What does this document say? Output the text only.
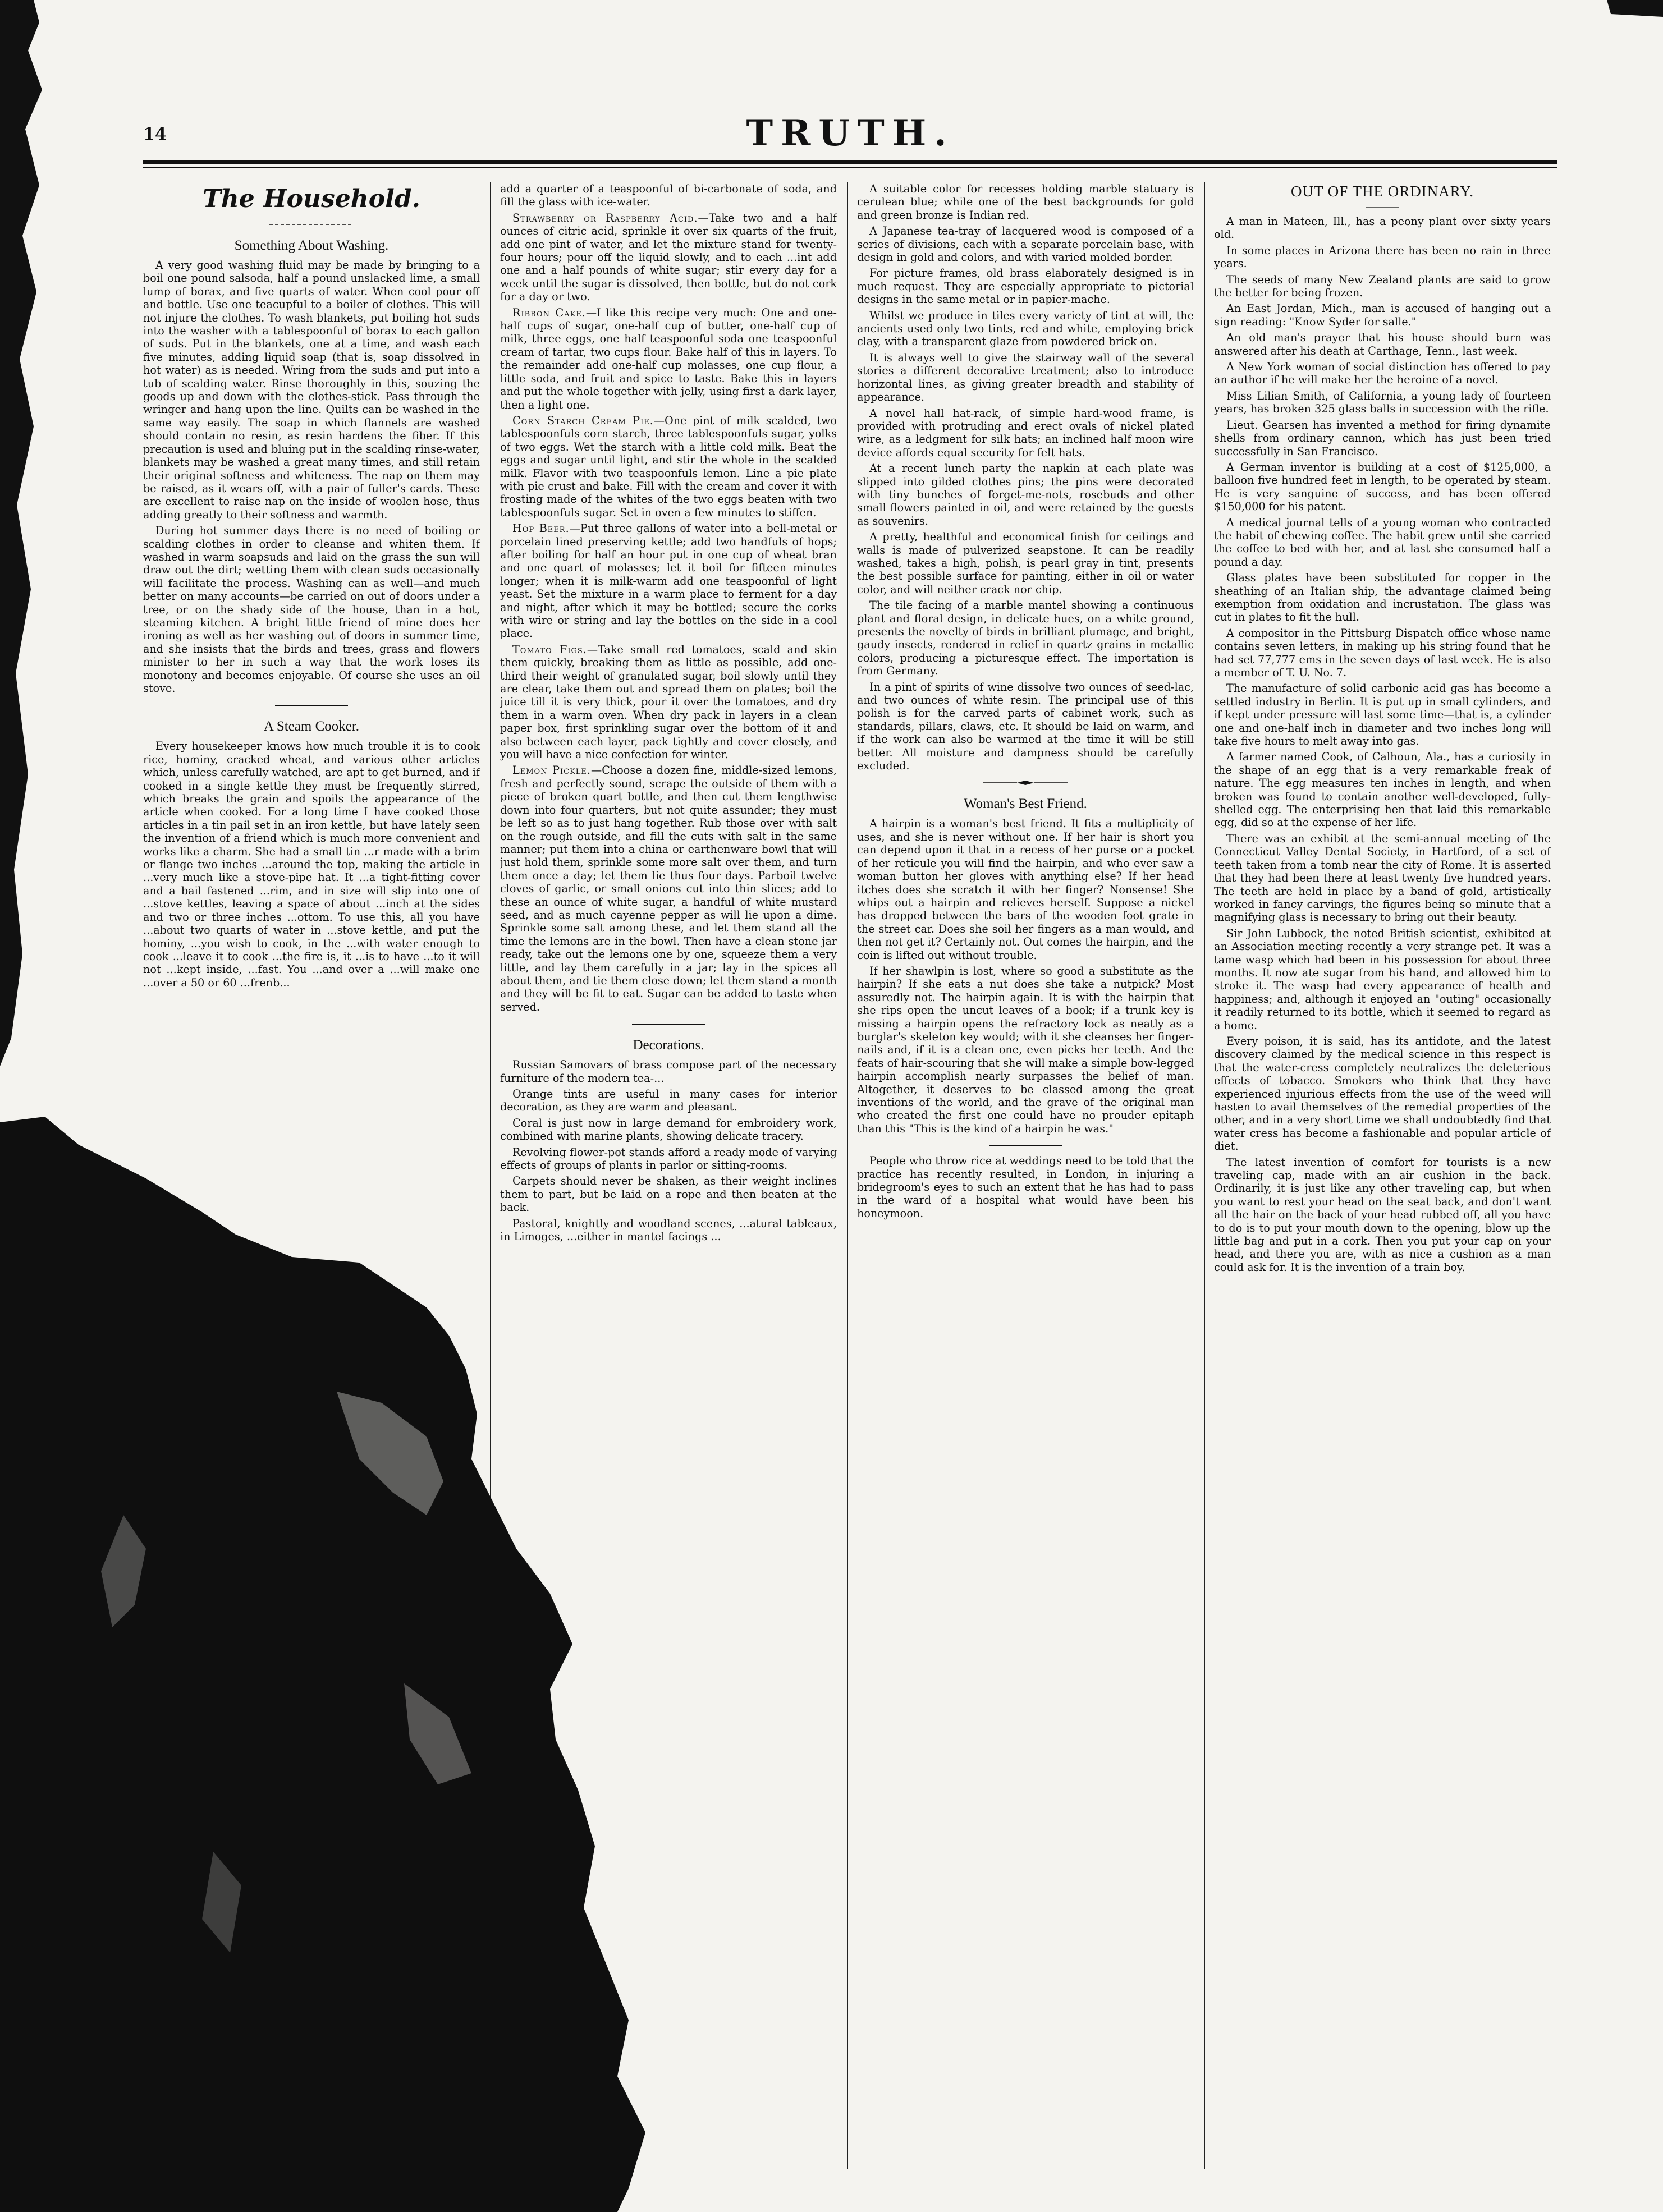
14	TRUTH.
The Household.
Something About Washing.

A very good washing fluid may be made by bringing to a boil one pound salsoda, half a pound unslacked lime, a small lump of borax, and five quarts of water. When cool pour off and bottle. Use one teacupful to a boiler of clothes. This will not injure the clothes. To wash blankets, put boiling hot suds into the washer with a tablespoonful of borax to each gallon of suds. Put in the blankets, one at a time, and wash each five minutes, adding liquid soap (that is, soap dissolved in hot water) as is needed. Wring from the suds and put into a tub of scalding water. Rinse thoroughly in this, souzing the goods up and down with the clothes-stick. Pass through the wringer and hang upon the line. Quilts can be washed in the same way easily. The soap in which flannels are washed should contain no resin, as resin hardens the fiber. If this precaution is used and bluing put in the scalding rinse-water, blankets may be washed a great many times, and still retain their original softness and whiteness. The nap on them may be raised, as it wears off, with a pair of fuller's cards. These are excellent to raise nap on the inside of woolen hose, thus adding greatly to their softness and warmth.

During hot summer days there is no need of boiling or scalding clothes in order to cleanse and whiten them. If washed in warm soapsuds and laid on the grass the sun will draw out the dirt; wetting them with clean suds occasionally will facilitate the process. Washing can as well—and much better on many accounts—be carried on out of doors under a tree, or on the shady side of the house, than in a hot, steaming kitchen. A bright little friend of mine does her ironing as well as her washing out of doors in summer time, and she insists that the birds and trees, grass and flowers minister to her in such a way that the work loses its monotony and becomes enjoyable. Of course she uses an oil stove.

A Steam Cooker.

Every housekeeper knows how much trouble it is to cook rice, hominy, cracked wheat, and various other articles which, unless carefully watched, are apt to get burned, and if cooked in a single kettle they must be frequently stirred, which breaks the grain and spoils the appearance of the article when cooked. For a long time I have cooked those articles in a tin pail set in an iron kettle, but have lately seen the invention of a friend which is much more convenient and works like a charm. She had a small tin ...r made with a brim or flange two inches ...around the top, making the article in ...very much like a stove-pipe hat. It ...a tight-fitting cover and a bail fastened ...rim, and in size will slip into one of ...stove kettles, leaving a space of about ...inch at the sides and two or three inches ...ottom. To use this, all you have ...about two quarts of water in ...stove kettle, and put the hominy, ...you wish to cook, in the ...with water enough to cook ...leave it to cook ...the fire is, it ...is to have ...to it will not ...kept inside, ...fast. You ...and over a ...will make one ...over a 50 or 60 ...frenb...

add a quarter of a teaspoonful of bi-carbonate of soda, and fill the glass with ice-water.

Strawberry or Raspberry Acid.—Take two and a half ounces of citric acid, sprinkle it over six quarts of the fruit, add one pint of water, and let the mixture stand for twenty-four hours; pour off the liquid slowly, and to each ...int add one and a half pounds of white sugar; stir every day for a week until the sugar is dissolved, then bottle, but do not cork for a day or two.

Ribbon Cake.—I like this recipe very much: One and one-half cups of sugar, one-half cup of butter, one-half cup of milk, three eggs, one half teaspoonful soda one teaspoonful cream of tartar, two cups flour. Bake half of this in layers. To the remainder add one-half cup molasses, one cup flour, a little soda, and fruit and spice to taste. Bake this in layers and put the whole together with jelly, using first a dark layer, then a light one.

Corn Starch Cream Pie.—One pint of milk scalded, two tablespoonfuls corn starch, three tablespoonfuls sugar, yolks of two eggs. Wet the starch with a little cold milk. Beat the eggs and sugar until light, and stir the whole in the scalded milk. Flavor with two teaspoonfuls lemon. Line a pie plate with pie crust and bake. Fill with the cream and cover it with frosting made of the whites of the two eggs beaten with two tablespoonfuls sugar. Set in oven a few minutes to stiffen.

Hop Beer.—Put three gallons of water into a bell-metal or porcelain lined preserving kettle; add two handfuls of hops; after boiling for half an hour put in one cup of wheat bran and one quart of molasses; let it boil for fifteen minutes longer; when it is milk-warm add one teaspoonful of light yeast. Set the mixture in a warm place to ferment for a day and night, after which it may be bottled; secure the corks with wire or string and lay the bottles on the side in a cool place.

Tomato Figs.—Take small red tomatoes, scald and skin them quickly, breaking them as little as possible, add one-third their weight of granulated sugar, boil slowly until they are clear, take them out and spread them on plates; boil the juice till it is very thick, pour it over the tomatoes, and dry them in a warm oven. When dry pack in layers in a clean paper box, first sprinkling sugar over the bottom of it and also between each layer, pack tightly and cover closely, and you will have a nice confection for winter.

Lemon Pickle.—Choose a dozen fine, middle-sized lemons, fresh and perfectly sound, scrape the outside of them with a piece of broken quart bottle, and then cut them lengthwise down into four quarters, but not quite assunder; they must be left so as to just hang together. Rub those over with salt on the rough outside, and fill the cuts with salt in the same manner; put them into a china or earthenware bowl that will just hold them, sprinkle some more salt over them, and turn them once a day; let them lie thus four days. Parboil twelve cloves of garlic, or small onions cut into thin slices; add to these an ounce of white sugar, a handful of white mustard seed, and as much cayenne pepper as will lie upon a dime. Sprinkle some salt among these, and let them stand all the time the lemons are in the bowl. Then have a clean stone jar ready, take out the lemons one by one, squeeze them a very little, and lay them carefully in a jar; lay in the spices all about them, and tie them close down; let them stand a month and they will be fit to eat. Sugar can be added to taste when served.

Decorations.

Russian Samovars of brass compose part of the necessary furniture of the modern tea-...

Orange tints are useful in many cases for interior decoration, as they are warm and pleasant.

Coral is just now in large demand for embroidery work, combined with marine plants, showing delicate tracery.

Revolving flower-pot stands afford a ready mode of varying effects of groups of plants in parlor or sitting-rooms.

Carpets should never be shaken, as their weight inclines them to part, but be laid on a rope and then beaten at the back.

Pastoral, knightly and woodland scenes, ...atural tableaux, in Limoges, ...either in mantel facings ...

A suitable color for recesses holding marble statuary is cerulean blue; while one of the best backgrounds for gold and green bronze is Indian red.

A Japanese tea-tray of lacquered wood is composed of a series of divisions, each with a separate porcelain base, with design in gold and colors, and with varied molded border.

For picture frames, old brass elaborately designed is in much request. They are especially appropriate to pictorial designs in the same metal or in papier-mache.

Whilst we produce in tiles every variety of tint at will, the ancients used only two tints, red and white, employing brick clay, with a transparent glaze from powdered brick on.

It is always well to give the stairway wall of the several stories a different decorative treatment; also to introduce horizontal lines, as giving greater breadth and stability of appearance.

A novel hall hat-rack, of simple hard-wood frame, is provided with protruding and erect ovals of nickel plated wire, as a ledgment for silk hats; an inclined half moon wire device affords equal security for felt hats.

At a recent lunch party the napkin at each plate was slipped into gilded clothes pins; the pins were decorated with tiny bunches of forget-me-nots, rosebuds and other small flowers painted in oil, and were retained by the guests as souvenirs.

A pretty, healthful and economical finish for ceilings and walls is made of pulverized seapstone. It can be readily washed, takes a high, polish, is pearl gray in tint, presents the best possible surface for painting, either in oil or water color, and will neither crack nor chip.

The tile facing of a marble mantel showing a continuous plant and floral design, in delicate hues, on a white ground, presents the novelty of birds in brilliant plumage, and bright, gaudy insects, rendered in relief in quartz grains in metallic colors, producing a picturesque effect. The importation is from Germany.

In a pint of spirits of wine dissolve two ounces of seed-lac, and two ounces of white resin. The principal use of this polish is for the carved parts of cabinet work, such as standards, pillars, claws, etc. It should be laid on warm, and if the work can also be warmed at the time it will be still better. All moisture and dampness should be carefully excluded.

Woman's Best Friend.

A hairpin is a woman's best friend. It fits a multiplicity of uses, and she is never without one. If her hair is short you can depend upon it that in a recess of her purse or a pocket of her reticule you will find the hairpin, and who ever saw a woman button her gloves with anything else? If her head itches does she scratch it with her finger? Nonsense! She whips out a hairpin and relieves herself. Suppose a nickel has dropped between the bars of the wooden foot grate in the street car. Does she soil her fingers as a man would, and then not get it? Certainly not. Out comes the hairpin, and the coin is lifted out without trouble.

If her shawlpin is lost, where so good a substitute as the hairpin? If she eats a nut does she take a nutpick? Most assuredly not. The hairpin again. It is with the hairpin that she rips open the uncut leaves of a book; if a trunk key is missing a hairpin opens the refractory lock as neatly as a burglar's skeleton key would; with it she cleanses her finger-nails and, if it is a clean one, even picks her teeth. And the feats of hair-scouring that she will make a simple bow-legged hairpin accomplish nearly surpasses the belief of man. Altogether, it deserves to be classed among the great inventions of the world, and the grave of the original man who created the first one could have no prouder epitaph than this "This is the kind of a hairpin he was."

People who throw rice at weddings need to be told that the practice has recently resulted, in London, in injuring a bridegroom's eyes to such an extent that he has had to pass in the ward of a hospital what would have been his honeymoon.

OUT OF THE ORDINARY.

A man in Mateen, Ill., has a peony plant over sixty years old.

In some places in Arizona there has been no rain in three years.

The seeds of many New Zealand plants are said to grow the better for being frozen.

An East Jordan, Mich., man is accused of hanging out a sign reading: "Know Syder for salle."

An old man's prayer that his house should burn was answered after his death at Carthage, Tenn., last week.

A New York woman of social distinction has offered to pay an author if he will make her the heroine of a novel.

Miss Lilian Smith, of California, a young lady of fourteen years, has broken 325 glass balls in succession with the rifle.

Lieut. Gearsen has invented a method for firing dynamite shells from ordinary cannon, which has just been tried successfully in San Francisco.

A German inventor is building at a cost of $125,000, a balloon five hundred feet in length, to be operated by steam. He is very sanguine of success, and has been offered $150,000 for his patent.

A medical journal tells of a young woman who contracted the habit of chewing coffee. The habit grew until she carried the coffee to bed with her, and at last she consumed half a pound a day.

Glass plates have been substituted for copper in the sheathing of an Italian ship, the advantage claimed being exemption from oxidation and incrustation. The glass was cut in plates to fit the hull.

A compositor in the Pittsburg Dispatch office whose name contains seven letters, in making up his string found that he had set 77,777 ems in the seven days of last week. He is also a member of T. U. No. 7.

The manufacture of solid carbonic acid gas has become a settled industry in Berlin. It is put up in small cylinders, and if kept under pressure will last some time—that is, a cylinder one and one-half inch in diameter and two inches long will take five hours to melt away into gas.

A farmer named Cook, of Calhoun, Ala., has a curiosity in the shape of an egg that is a very remarkable freak of nature. The egg measures ten inches in length, and when broken was found to contain another well-developed, fully-shelled egg. The enterprising hen that laid this remarkable egg, did so at the expense of her life.

There was an exhibit at the semi-annual meeting of the Connecticut Valley Dental Society, in Hartford, of a set of teeth taken from a tomb near the city of Rome. It is asserted that they had been there at least twenty five hundred years. The teeth are held in place by a band of gold, artistically worked in fancy carvings, the figures being so minute that a magnifying glass is necessary to bring out their beauty.

Sir John Lubbock, the noted British scientist, exhibited at an Association meeting recently a very strange pet. It was a tame wasp which had been in his possession for about three months. It now ate sugar from his hand, and allowed him to stroke it. The wasp had every appearance of health and happiness; and, although it enjoyed an "outing" occasionally it readily returned to its bottle, which it seemed to regard as a home.

Every poison, it is said, has its antidote, and the latest discovery claimed by the medical science in this respect is that the water-cress completely neutralizes the deleterious effects of tobacco. Smokers who think that they have experienced injurious effects from the use of the weed will hasten to avail themselves of the remedial properties of the other, and in a very short time we shall undoubtedly find that water cress has become a fashionable and popular article of diet.

The latest invention of comfort for tourists is a new traveling cap, made with an air cushion in the back. Ordinarily, it is just like any other traveling cap, but when you want to rest your head on the seat back, and don't want all the hair on the back of your head rubbed off, all you have to do is to put your mouth down to the opening, blow up the little bag and put in a cork. Then you put your cap on your head, and there you are, with as nice a cushion as a man could ask for. It is the invention of a train boy.
